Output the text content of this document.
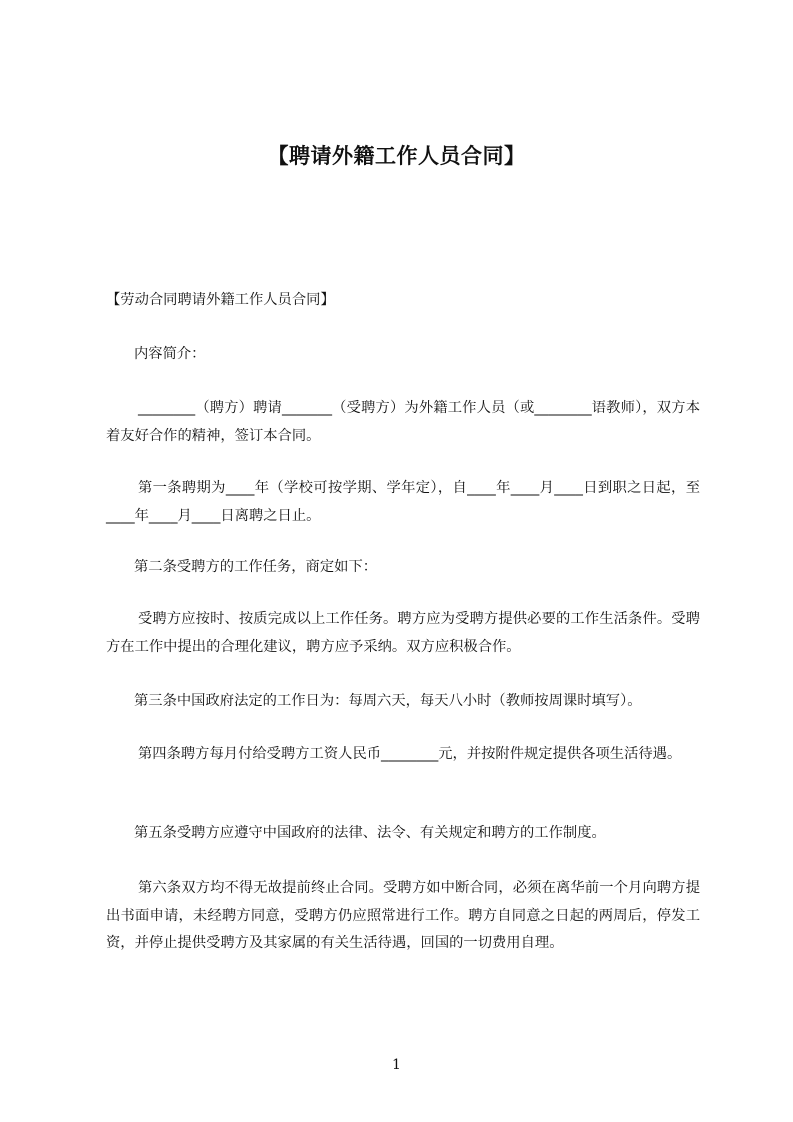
【聘请外籍工作人员合同】
【劳动合同聘请外籍工作人员合同】
内容简介：
________（聘方）聘请_______（受聘方）为外籍工作人员（或________语教师），双方本着友好合作的精神，签订本合同。
第一条聘期为____年（学校可按学期、学年定），自____年____月____日到职之日起，至____年____月____日离聘之日止。
第二条受聘方的工作任务，商定如下：
受聘方应按时、按质完成以上工作任务。聘方应为受聘方提供必要的工作生活条件。受聘方在工作中提出的合理化建议，聘方应予采纳。双方应积极合作。
第三条中国政府法定的工作日为：每周六天，每天八小时（教师按周课时填写）。
第四条聘方每月付给受聘方工资人民币________元，并按附件规定提供各项生活待遇。
第五条受聘方应遵守中国政府的法律、法令、有关规定和聘方的工作制度。
第六条双方均不得无故提前终止合同。受聘方如中断合同，必须在离华前一个月向聘方提出书面申请，未经聘方同意，受聘方仍应照常进行工作。聘方自同意之日起的两周后，停发工资，并停止提供受聘方及其家属的有关生活待遇，回国的一切费用自理。
1
